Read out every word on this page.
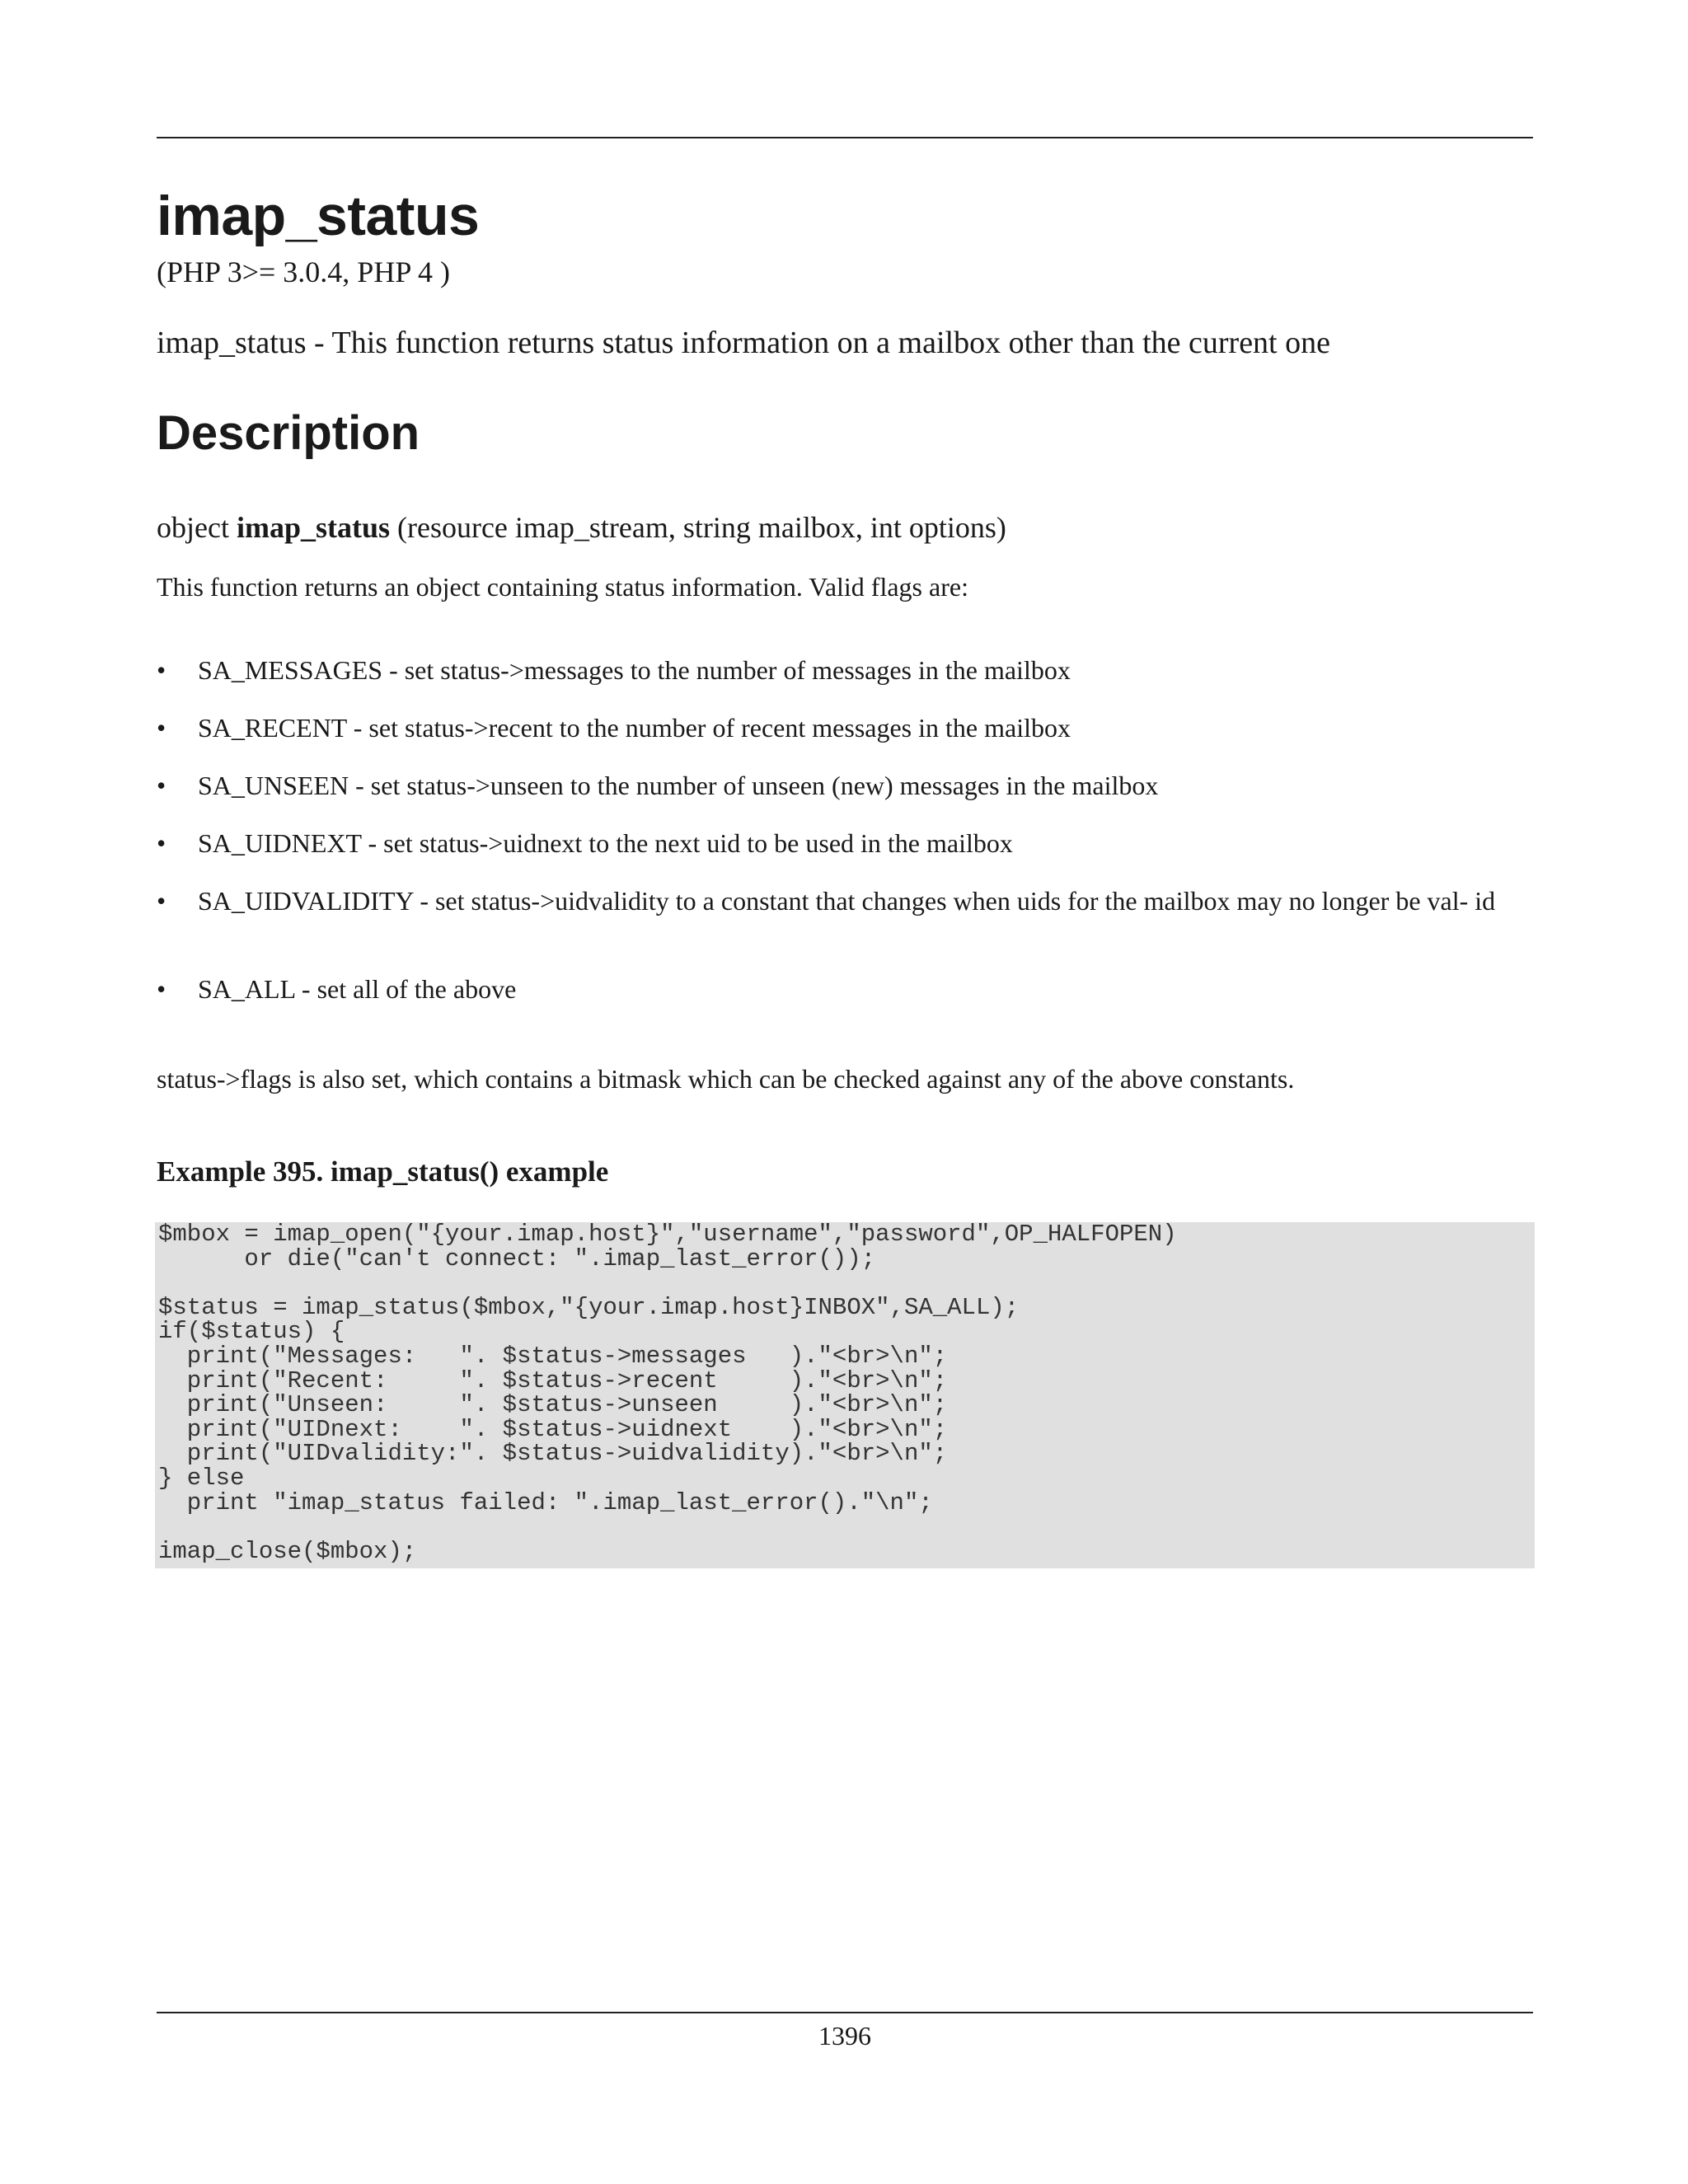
imap_status
(PHP 3>= 3.0.4, PHP 4 )
imap_status - This function returns status information on a mailbox other than the current one
Description
object imap_status (resource imap_stream, string mailbox, int options)
This function returns an object containing status information. Valid flags are:
• SA_MESSAGES - set status->messages to the number of messages in the mailbox
• SA_RECENT - set status->recent to the number of recent messages in the mailbox
• SA_UNSEEN - set status->unseen to the number of unseen (new) messages in the mailbox
• SA_UIDNEXT - set status->uidnext to the next uid to be used in the mailbox
• SA_UIDVALIDITY - set status->uidvalidity to a constant that changes when uids for the mailbox may no longer be val- id
• SA_ALL - set all of the above
status->flags is also set, which contains a bitmask which can be checked against any of the above constants.
Example 395. imap_status() example
$mbox = imap_open("{your.imap.host}","username","password",OP_HALFOPEN)
or die("can't connect: ".imap_last_error());
$status = imap_status($mbox,"{your.imap.host}INBOX",SA_ALL);
if($status) {
print("Messages:   ". $status->messages   )."<br>\n";
print("Recent:     ". $status->recent     )."<br>\n";
print("Unseen:     ". $status->unseen     )."<br>\n";
print("UIDnext:    ". $status->uidnext    )."<br>\n";
print("UIDvalidity:". $status->uidvalidity)."<br>\n";
} else
print "imap_status failed: ".imap_last_error()."\n";
imap_close($mbox);
1396
